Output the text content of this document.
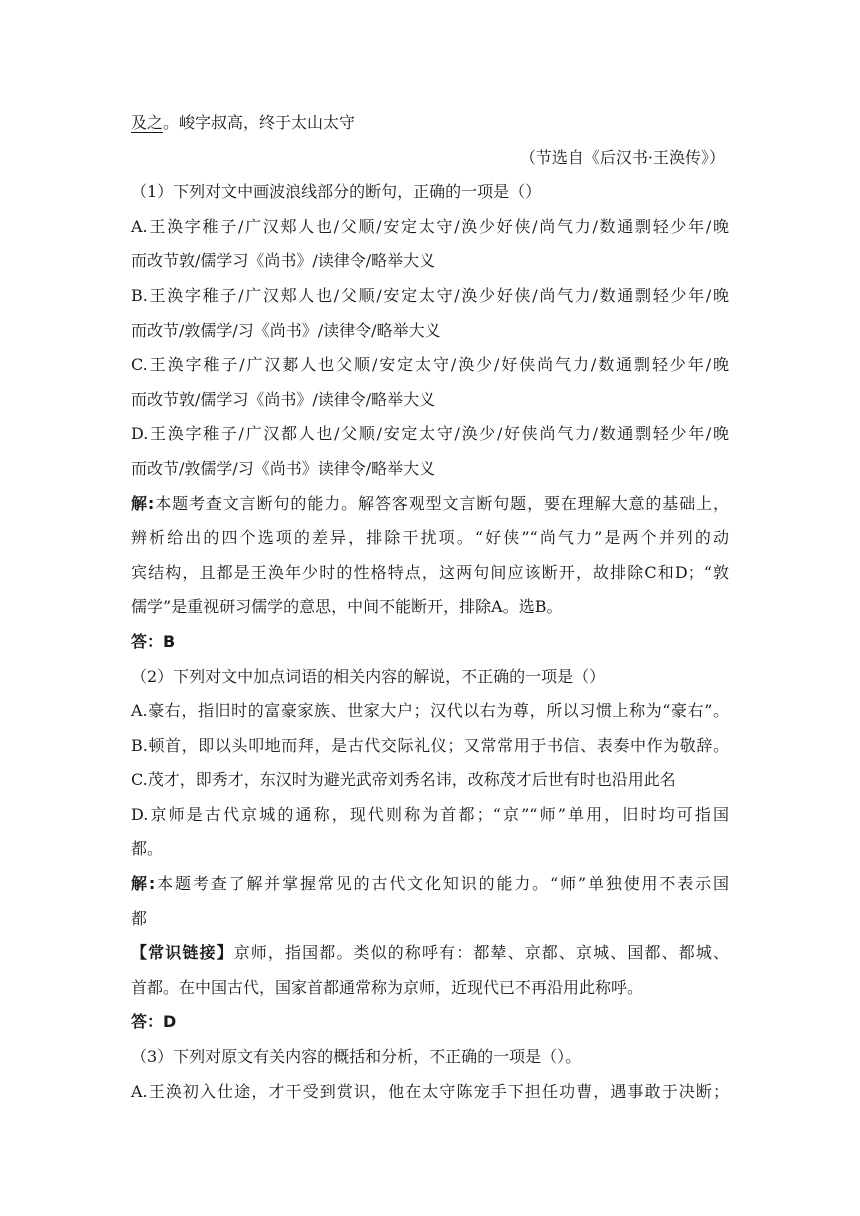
及之。峻字叔高，终于太山太守
（节选自《后汉书·王涣传》）
（1）下列对文中画波浪线部分的断句，正确的一项是（）
A.王涣字稚子/广汉郏人也/父顺/安定太守/涣少好侠/尚气力/数通剽轻少年/晚
而改节敦/儒学习《尚书》/读律令/略举大义
B.王涣字稚子/广汉郏人也/父顺/安定太守/涣少好侠/尚气力/数通剽轻少年/晚
而改节/敦儒学/习《尚书》/读律令/略举大义
C.王涣字稚子/广汉郪人也父顺/安定太守/涣少/好侠尚气力/数通剽轻少年/晚
而改节敦/儒学习《尚书》/读律令/略举大义
D.王涣字稚子/广汉都人也/父顺/安定太守/涣少/好侠尚气力/数通剽轻少年/晚
而改节/敦儒学/习《尚书》读律令/略举大义
解:本题考查文言断句的能力。解答客观型文言断句题，要在理解大意的基础上，
辨析给出的四个选项的差异，排除干扰项。“好侠”“尚气力”是两个并列的动
宾结构，且都是王涣年少时的性格特点，这两句间应该断开，故排除C和D；“敦
儒学”是重视研习儒学的意思，中间不能断开，排除A。选B。
答：B
（2）下列对文中加点词语的相关内容的解说，不正确的一项是（）
A.豪右，指旧时的富豪家族、世家大户；汉代以右为尊，所以习惯上称为“豪右”。
B.顿首，即以头叩地而拜，是古代交际礼仪；又常常用于书信、表奏中作为敬辞。
C.茂才，即秀才，东汉时为避光武帝刘秀名讳，改称茂才后世有时也沿用此名
D.京师是古代京城的通称，现代则称为首都；“京”“师”单用，旧时均可指国
都。
解:本题考查了解并掌握常见的古代文化知识的能力。“师”单独使用不表示国
都
【常识链接】京师，指国都。类似的称呼有：都辇、京都、京城、国都、都城、
首都。在中国古代，国家首都通常称为京师，近现代已不再沿用此称呼。
答：D
（3）下列对原文有关内容的概括和分析，不正确的一项是（）。
A.王涣初入仕途，才干受到赏识，他在太守陈宠手下担任功曹，遇事敢于决断；
